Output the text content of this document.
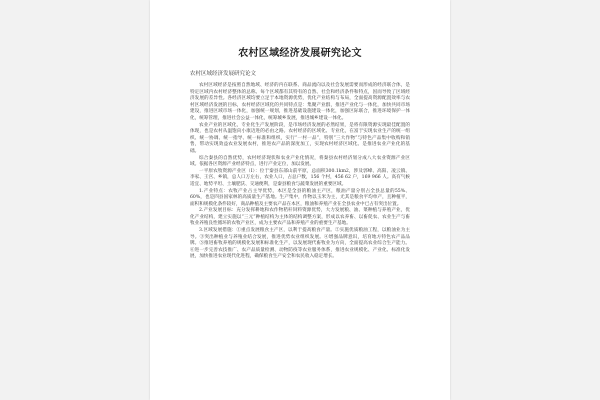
农村区域经济发展研究论文
农村区域经济发展研究论文

农村区域经济是按照自然地域、经济的内在联系、商品流向以及社会发展需要而形成的经济联合体，是特定区域内农村经济整体的总称。每个区域都有其特有的自然、社会和经济条件和特点，因而导致了区域经济发展的差异性。各经济区域均要立足于本地资源优势，优化产业结构与布局，全面提高资源配置效率与农村区域经济发展的目标，农村经济区域化的共同特点是：集聚产业群，推进产业化与一体化，加快共同市场建设，推进区域市场一体化，加强统一规划，推进基础设施建设一体化，加强区际联合，推进环境保护一体化，统筹管理，推进社会公益一体化，统筹城乡发展，推进城乡建设一体化。

农业产业的区域化，专业化生产发展阶段，是市场经济发展的必然结果，是将有限资源实现最佳配置的体现，也是农村从温饱向小康迈进的必由之路。农村经济的区域化、专业化，在富于实现农业生产的统一组织、统一协调、统一指导、统一标准和组织，实行“一村一品”，特别“三大作物”与特色产品集中收购和销售，带动实现效益农业发展农村，推进农产品的深度加工，实现农村经济区域化。是推进农业产业化的基础。

综合秦县的自然优势，农村经济现状和农业产业化情况，将秦县农村经济划分成八大农业资源产业区域。依据各区资源产业经济特点，进行产业定位，加以发展。

一平原农牧资源产业区（Ⅰ）：位于秦县东部山前平原，总面积300.1km2，涉及郭峰、高阳、凌云镇、李家、王宫、乡镇，总人口万左右，农业人口，占总户数，156 个村，456 62 户，169 966 人。高有气候适宜、地势平坦、土壤肥沃、交通便利，是秦县粮食与蔬菜发展的重要区域。

1.产业特点：农牧产业占主导优势，本区是全县的粮油主产区，粮油产量分别占全县总量的55%、60%，也是四县国家林的高质量生产基地。生产集中，作物以玉米为主，尤其是粮食平均单产，且种植平，面积和规模化条件较好，商品种植及主要农产品在本区，粮油和养殖产业在全县农业中已占有突出位置。

2.产业发展目标：充分发挥耕地和农作物秸秆饲料资源优势，大力发展粮、油、菜种植与养殖产业，优化产业结构，建立实施以“三元”种植结构为主体的结构调整方案，形成以农养畜、以畜促农、农业生产与畜牧业养殖良性循环的农牧产业区，成为主要农产品和养殖产业的重要生产基地。

3.区域发展措施：①重点发展粮食主产区，以利于提高粮食产量。②实施优质粮油工程，以粮油业为主导。③突出种植业与养殖业结合发展，推进优势农业组织发展。④增强品牌意识，培育地方特色农产品品牌。⑤推进畜牧养殖的规模化发展和标准化生产，以发展现代畜牧业为方向，全面提高农业综合生产能力。⑥进一步完善农技推广、农产品质量检测、动物防疫等农业服务体系，推进农业规模化、产业化、标准化发展，加快推进农业现代化进程，确保粮食生产安全和农民收入稳定增长。
